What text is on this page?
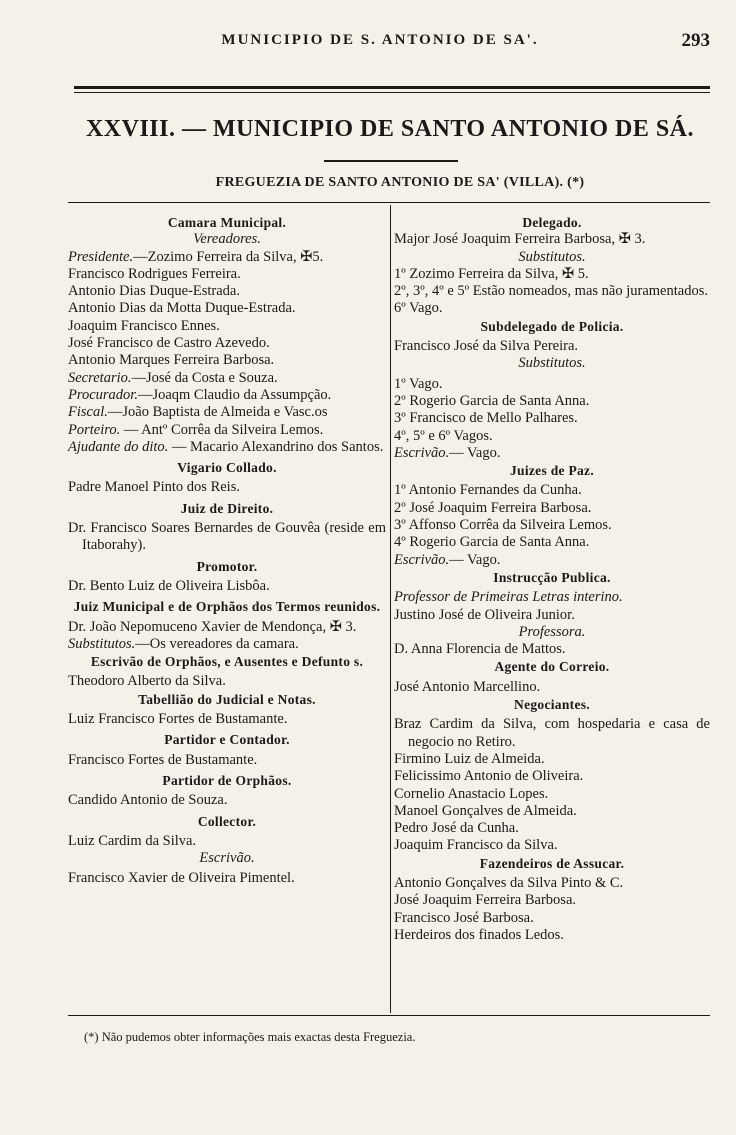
MUNICIPIO DE S. ANTONIO DE SA'.	293
XXVIII. — MUNICIPIO DE SANTO ANTONIO DE SÁ.
FREGUEZIA DE SANTO ANTONIO DE SA' (VILLA). (*)
Camara Municipal.
Vereadores.
Presidente.—Zozimo Ferreira da Silva, ✠5.
Francisco Rodrigues Ferreira.
Antonio Dias Duque-Estrada.
Antonio Dias da Motta Duque-Estrada.
Joaquim Francisco Ennes.
José Francisco de Castro Azevedo.
Antonio Marques Ferreira Barbosa.
Secretario.—José da Costa e Souza.
Procurador.—Joaqm Claudio da Assumpção.
Fiscal.—João Baptista de Almeida e Vasc.os
Porteiro. — Antº Corrêa da Silveira Lemos.
Ajudante do dito. — Macario Alexandrino dos Santos.
Vigario Collado.
Padre Manoel Pinto dos Reis.
Juiz de Direito.
Dr. Francisco Soares Bernardes de Gouvêa (reside em Itaborahy).
Promotor.
Dr. Bento Luiz de Oliveira Lisbôa.
Juiz Municipal e de Orphãos dos Termos reunidos.
Dr. João Nepomuceno Xavier de Mendonça, ✠ 3.
Substitutos.—Os vereadores da camara.
Escrivão de Orphãos, e Ausentes e Defunto s.
Theodoro Alberto da Silva.
Tabellião do Judicial e Notas.
Luiz Francisco Fortes de Bustamante.
Partidor e Contador.
Francisco Fortes de Bustamante.
Partidor de Orphãos.
Candido Antonio de Souza.
Collector.
Luiz Cardim da Silva.
Escrivão.
Francisco Xavier de Oliveira Pimentel.
Delegado.
Major José Joaquim Ferreira Barbosa, ✠ 3.
Substitutos.
1º Zozimo Ferreira da Silva, ✠ 5.
2º, 3º, 4º e 5º Estão nomeados, mas não juramentados.
6º Vago.
Subdelegado de Policia.
Francisco José da Silva Pereira.
Substitutos.
1º Vago.
2º Rogerio Garcia de Santa Anna.
3º Francisco de Mello Palhares.
4º, 5º e 6º Vagos.
Escrivão.— Vago.
Juizes de Paz.
1º Antonio Fernandes da Cunha.
2º José Joaquim Ferreira Barbosa.
3º Affonso Corrêa da Silveira Lemos.
4º Rogerio Garcia de Santa Anna.
Escrivão.— Vago.
Instrucção Publica.
Professor de Primeiras Letras interino.
Justino José de Oliveira Junior.
Professora.
D. Anna Florencia de Mattos.
Agente do Correio.
José Antonio Marcellino.
Negociantes.
Braz Cardim da Silva, com hospedaria e casa de negocio no Retiro.
Firmino Luiz de Almeida.
Felicissimo Antonio de Oliveira.
Cornelio Anastacio Lopes.
Manoel Gonçalves de Almeida.
Pedro José da Cunha.
Joaquim Francisco da Silva.
Fazendeiros de Assucar.
Antonio Gonçalves da Silva Pinto & C.
José Joaquim Ferreira Barbosa.
Francisco José Barbosa.
Herdeiros dos finados Ledos.
(*) Não pudemos obter informações mais exactas desta Freguezia.
